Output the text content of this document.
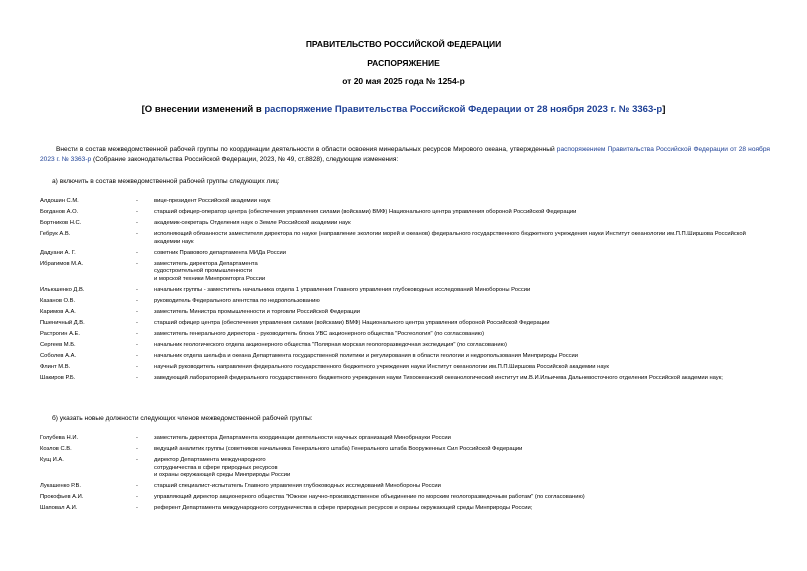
ПРАВИТЕЛЬСТВО РОССИЙСКОЙ ФЕДЕРАЦИИ
РАСПОРЯЖЕНИЕ
от 20 мая 2025 года № 1254-р
[О внесении изменений в распоряжение Правительства Российской Федерации от 28 ноября 2023 г. № 3363-р]
Внести в состав межведомственной рабочей группы по координации деятельности в области освоения минеральных ресурсов Мирового океана, утвержденный распоряжением Правительства Российской Федерации от 28 ноября 2023 г. № 3363-р (Собрание законодательства Российской Федерации, 2023, № 49, ст.8828), следующие изменения:
а) включить в состав межведомственной рабочей группы следующих лиц:
Алдошин С.М.	-	вице-президент Российской академии наук
Богданов А.О.	-	старший офицер-оператор центра (обеспечения управления силами (войсками) ВМФ) Национального центра управления обороной Российской Федерации
Бортников Н.С.	-	академик-секретарь Отделения наук о Земле Российской академии наук
Гебрук А.В.	-	исполняющий обязанности заместителя директора по науке (направление экологии морей и океанов) федерального государственного бюджетного учреждения науки Институт океанологии им.П.П.Ширшова Российской академии наук
Дадуани А. Г.	-	советник Правового департамента МИДа России
Ибрагимов М.А.	-	заместитель директора Департамента
судостроительной промышленности
и морской техники Минпромторга России
Ильюшенко Д.В.	-	начальник группы - заместитель начальника отдела 1 управления Главного управления глубоководных исследований Минобороны России
Казанов О.В.	-	руководитель Федерального агентства по недропользованию
Каримов А.А.	-	заместитель Министра промышленности и торговли Российской Федерации
Пшеничный Д.В.	-	старший офицер центра (обеспечения управления силами (войсками) ВМФ) Национального центра управления обороной Российской Федерации
Растрогин А.Е.	-	заместитель генерального директора - руководитель блока УВС акционерного общества "Росгеология" (по согласованию)
Сергеев М.Б.	-	начальник геологического отдела акционерного общества "Полярная морская геологоразведочная экспедиция" (по согласованию)
Соболев А.А.	-	начальник отдела шельфа и океана Департамента государственной политики и регулирования в области геологии и недропользования Минприроды России
Флинт М.В.	-	научный руководитель направления федерального государственного бюджетного учреждения науки Институт океанологии им.П.П.Ширшова Российской академии наук
Шакиров Р.Б.	-	заведующий лабораторией федерального государственного бюджетного учреждения науки Тихоокеанский океанологический институт им.В.И.Ильичева Дальневосточного отделения Российской академии наук;
б) указать новые должности следующих членов межведомственной рабочей группы:
Голубева Н.И.	-	заместитель директора Департамента координации деятельности научных организаций Минобрнауки России
Козлов С.В.	-	ведущий аналитик группы (советников начальника Генерального штаба) Генерального штаба Вооруженных Сил Российской Федерации
Кущ И.А.	-	директор Департамента международного
сотрудничества в сфере природных ресурсов
и охраны окружающей среды Минприроды России
Лукашенко Р.В.	-	старший специалист-испытатель Главного управления глубоководных исследований Минобороны России
Прокофьев А.И.	-	управляющий директор акционерного общества "Южное научно-производственное объединение по морским геологоразведочным работам" (по согласованию)
Шаповал А.И.	-	референт Департамента международного сотрудничества в сфере природных ресурсов и охраны окружающей среды Минприроды России;
